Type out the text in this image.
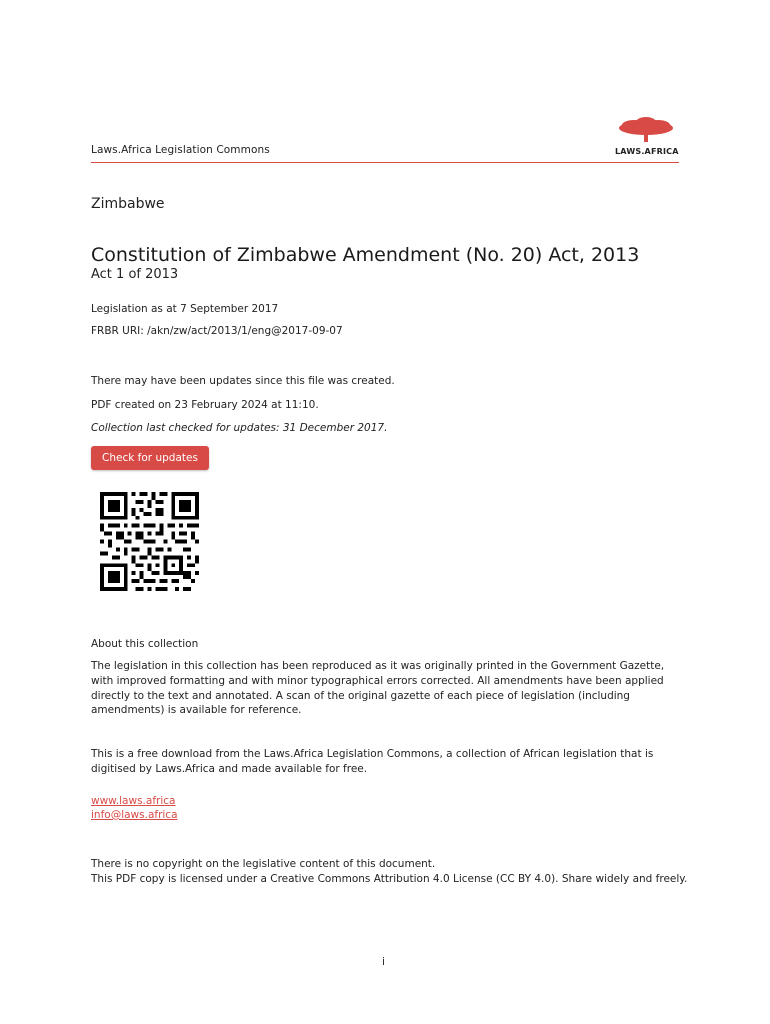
Laws.Africa Legislation Commons	LAWS.AFRICA
Zimbabwe
Constitution of Zimbabwe Amendment (No. 20) Act, 2013
Act 1 of 2013
Legislation as at 7 September 2017
FRBR URI: /akn/zw/act/2013/1/eng@2017-09-07
There may have been updates since this file was created.
PDF created on 23 February 2024 at 11:10.
Collection last checked for updates: 31 December 2017.
Check for updates
About this collection
The legislation in this collection has been reproduced as it was originally printed in the Government Gazette, with improved formatting and with minor typographical errors corrected. All amendments have been applied directly to the text and annotated. A scan of the original gazette of each piece of legislation (including amendments) is available for reference.
This is a free download from the Laws.Africa Legislation Commons, a collection of African legislation that is digitised by Laws.Africa and made available for free.
www.laws.africa
info@laws.africa
There is no copyright on the legislative content of this document.
This PDF copy is licensed under a Creative Commons Attribution 4.0 License (CC BY 4.0). Share widely and freely.
i
